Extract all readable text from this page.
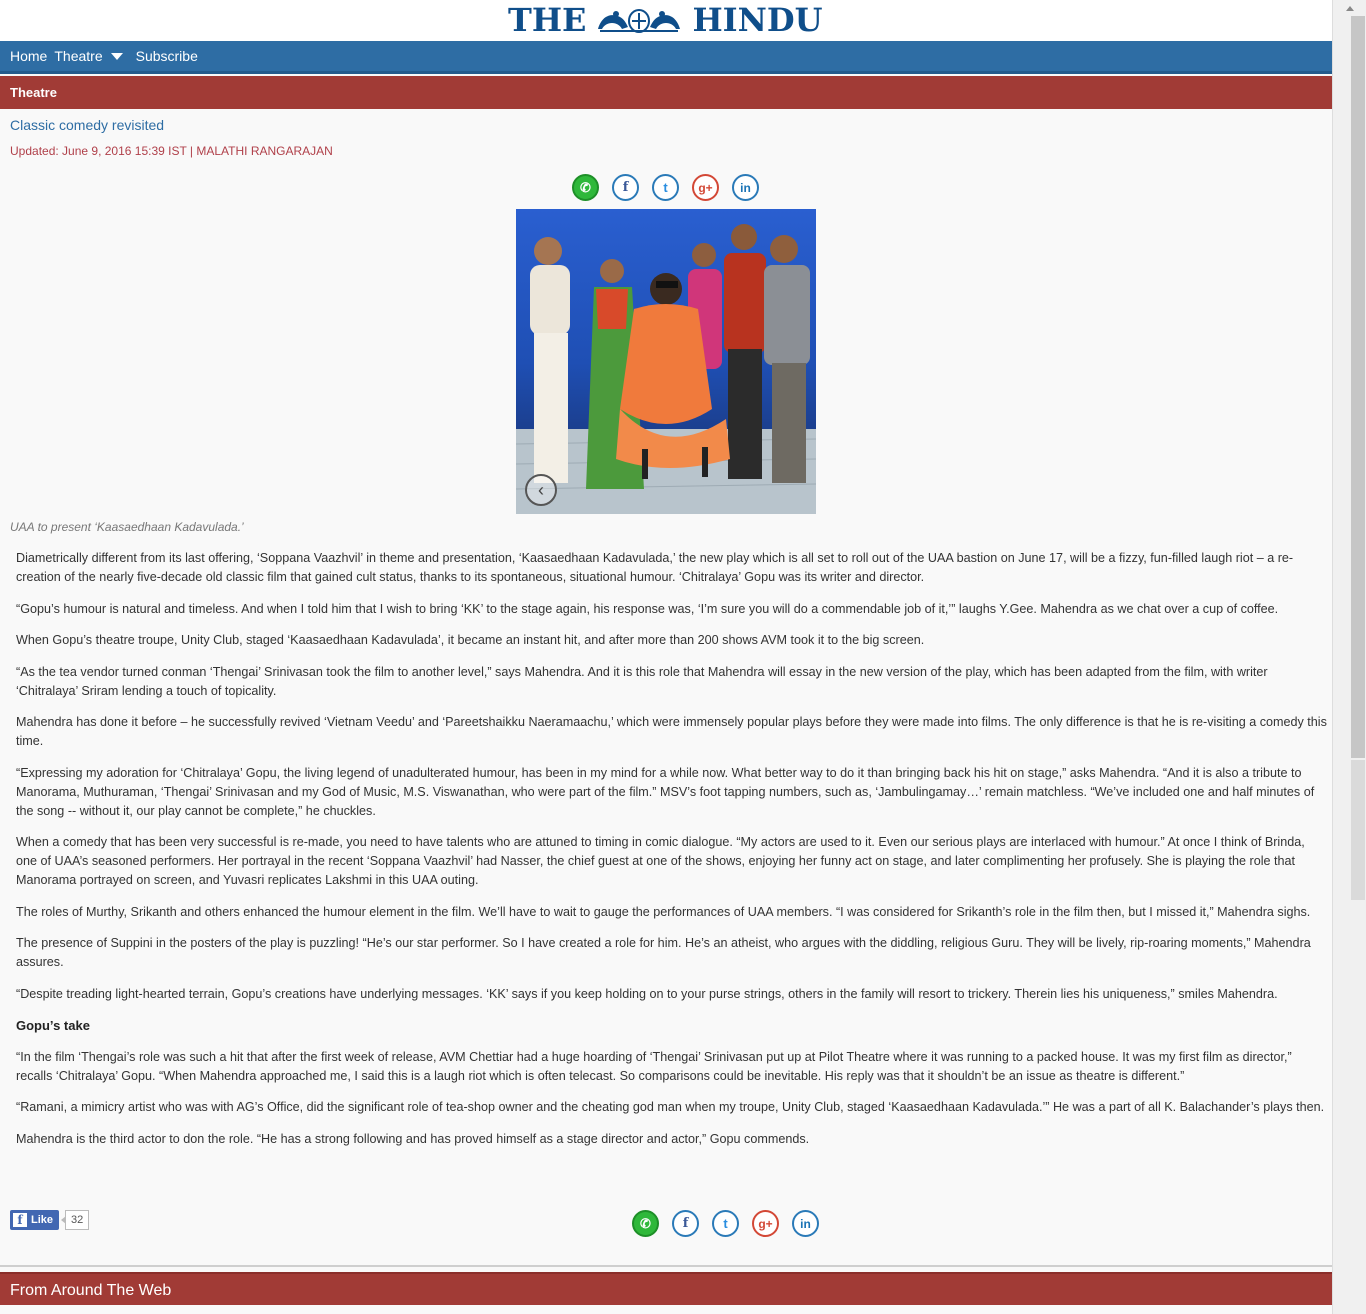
THE	HINDU
Home Theatre Subscribe
Theatre
Classic comedy revisited
Updated: June 9, 2016 15:39 IST | MALATHI RANGARAJAN
✆	f	t	g+	in
‹
UAA to present ‘Kaasaedhaan Kadavulada.’

Diametrically different from its last offering, ‘Soppana Vaazhvil’ in theme and presentation, ‘Kaasaedhaan Kadavulada,’ the new play which is all set to roll out of the UAA bastion on June 17, will be a fizzy, fun-filled laugh riot – a re-creation of the nearly five-decade old classic film that gained cult status, thanks to its spontaneous, situational humour. ‘Chitralaya’ Gopu was its writer and director.

“Gopu’s humour is natural and timeless. And when I told him that I wish to bring ‘KK’ to the stage again, his response was, ‘I’m sure you will do a commendable job of it,’” laughs Y.Gee. Mahendra as we chat over a cup of coffee.

When Gopu’s theatre troupe, Unity Club, staged ‘Kaasaedhaan Kadavulada’, it became an instant hit, and after more than 200 shows AVM took it to the big screen.

“As the tea vendor turned conman ‘Thengai’ Srinivasan took the film to another level,” says Mahendra. And it is this role that Mahendra will essay in the new version of the play, which has been adapted from the film, with writer ‘Chitralaya’ Sriram lending a touch of topicality.

Mahendra has done it before – he successfully revived ‘Vietnam Veedu’ and ‘Pareetshaikku Naeramaachu,’ which were immensely popular plays before they were made into films. The only difference is that he is re-visiting a comedy this time.

“Expressing my adoration for ‘Chitralaya’ Gopu, the living legend of unadulterated humour, has been in my mind for a while now. What better way to do it than bringing back his hit on stage,” asks Mahendra. “And it is also a tribute to Manorama, Muthuraman, ‘Thengai’ Srinivasan and my God of Music, M.S. Viswanathan, who were part of the film.” MSV’s foot tapping numbers, such as, ‘Jambulingamay…’ remain matchless. “We’ve included one and half minutes of the song -- without it, our play cannot be complete,” he chuckles.

When a comedy that has been very successful is re-made, you need to have talents who are attuned to timing in comic dialogue. “My actors are used to it. Even our serious plays are interlaced with humour.” At once I think of Brinda, one of UAA’s seasoned performers. Her portrayal in the recent ‘Soppana Vaazhvil’ had Nasser, the chief guest at one of the shows, enjoying her funny act on stage, and later complimenting her profusely. She is playing the role that Manorama portrayed on screen, and Yuvasri replicates Lakshmi in this UAA outing.

The roles of Murthy, Srikanth and others enhanced the humour element in the film. We’ll have to wait to gauge the performances of UAA members. “I was considered for Srikanth’s role in the film then, but I missed it,” Mahendra sighs.

The presence of Suppini in the posters of the play is puzzling! “He’s our star performer. So I have created a role for him. He’s an atheist, who argues with the diddling, religious Guru. They will be lively, rip-roaring moments,” Mahendra assures.

“Despite treading light-hearted terrain, Gopu’s creations have underlying messages. ‘KK’ says if you keep holding on to your purse strings, others in the family will resort to trickery. Therein lies his uniqueness,” smiles Mahendra.

Gopu’s take

“In the film ‘Thengai’s role was such a hit that after the first week of release, AVM Chettiar had a huge hoarding of ‘Thengai’ Srinivasan put up at Pilot Theatre where it was running to a packed house. It was my first film as director,” recalls ‘Chitralaya’ Gopu. “When Mahendra approached me, I said this is a laugh riot which is often telecast. So comparisons could be inevitable. His reply was that it shouldn’t be an issue as theatre is different.”

“Ramani, a mimicry artist who was with AG’s Office, did the significant role of tea-shop owner and the cheating god man when my troupe, Unity Club, staged ‘Kaasaedhaan Kadavulada.’” He was a part of all K. Balachander’s plays then.

Mahendra is the third actor to don the role. “He has a strong following and has proved himself as a stage director and actor,” Gopu commends.

f Like	32	✆	f	t	g+	in
From Around The Web
